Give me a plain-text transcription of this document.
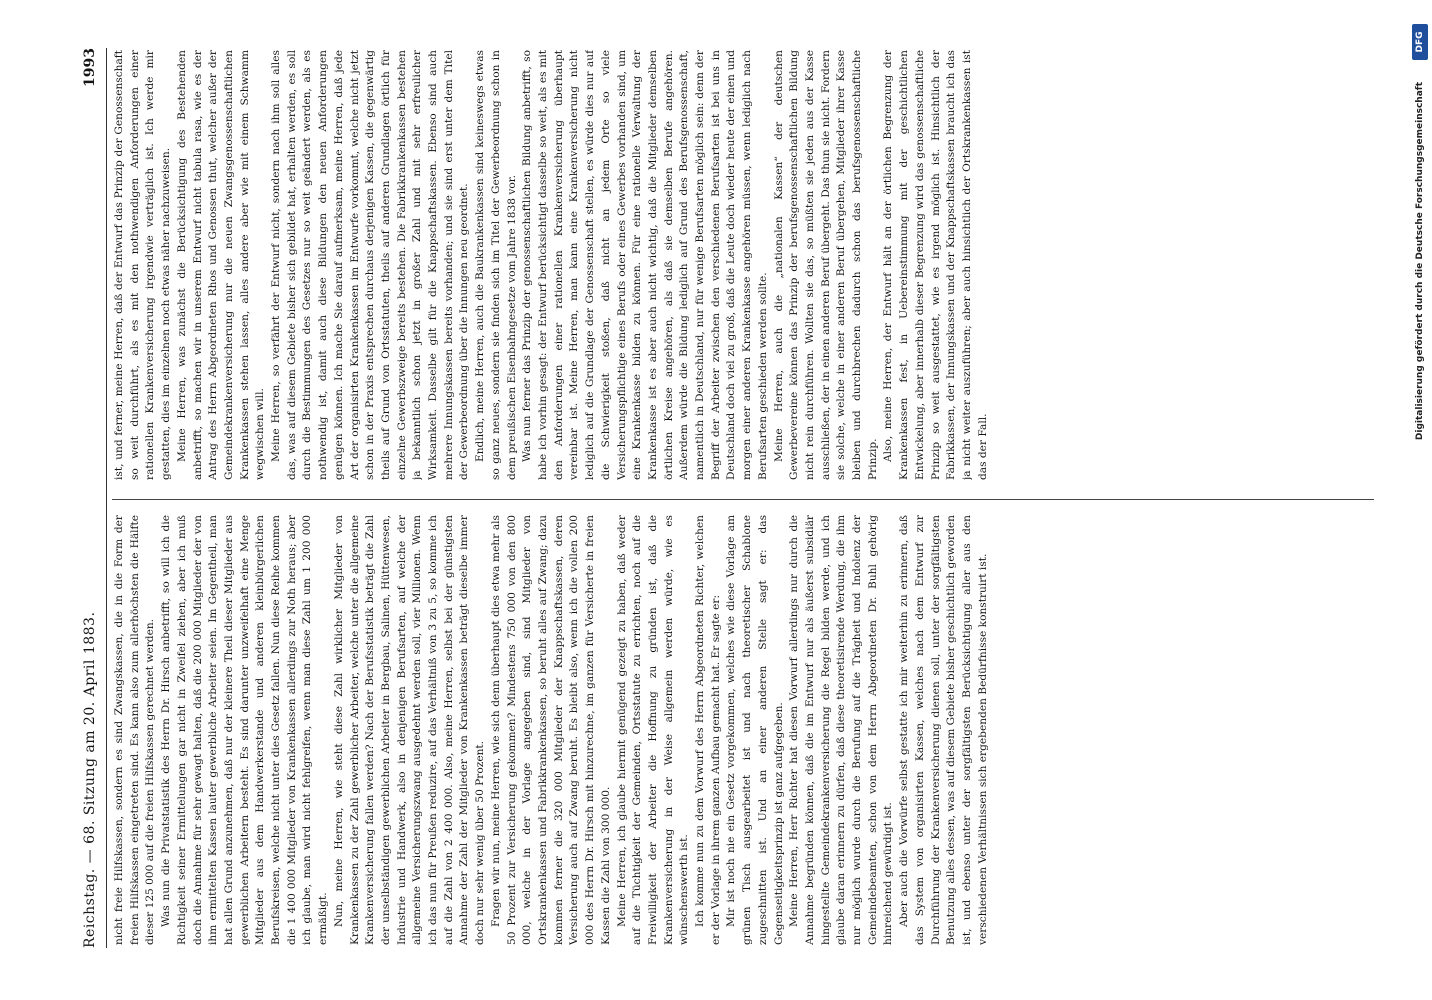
Reichstag. — 68. Sitzung am 20. April 1883.
1993

nicht freie Hilfskassen, sondern es sind Zwangskassen, die in die Form der freien Hilfskassen eingetreten sind. Es kann also zum allerhöchsten die Hälfte dieser 125 000 auf die freien Hilfskassen gerechnet werden. Was nun die Privatstatistik des Herrn Dr. Hirsch anbetrifft, so will ich die Richtigkeit seiner Ermittelungen gar nicht in Zweifel ziehen, aber ich muß doch die Annahme für sehr gewagt halten, daß die 200 000 Mitglieder der von ihm ermittelten Kassen lauter gewerbliche Arbeiter seien. Im Gegentheil, man hat allen Grund anzunehmen, daß nur der kleinere Theil dieser Mitglieder aus gewerblichen Arbeitern besteht. Es sind darunter unzweifelhaft eine Menge Mitglieder aus dem Handwerkerstande und anderen kleinbürgerlichen Berufskreisen, welche nicht unter dies Gesetz fallen. Nun diese Reihe kommen die 1 400 000 Mitglieder von Krankenkassen allerdings zur Noth heraus; aber ich glaube, man wird nicht fehlgreifen, wenn man diese Zahl um 1 200 000 ermäßigt. Nun, meine Herren, wie steht diese Zahl wirklicher Mitglieder von Krankenkassen zu der Zahl gewerblicher Arbeiter, welche unter die allgemeine Krankenversicherung fallen werden? Nach der Berufsstatistik beträgt die Zahl der unselbständigen gewerblichen Arbeiter in Bergbau, Salinen, Hüttenwesen, Industrie und Handwerk, also in denjenigen Berufsarten, auf welche der allgemeine Versicherungszwang ausgedehnt werden soll, vier Millionen. Wenn ich das nun für Preußen reduzire, auf das Verhältniß von 3 zu 5, so komme ich auf die Zahl von 2 400 000. Also, meine Herren, selbst bei der günstigsten Annahme der Zahl der Mitglieder von Krankenkassen beträgt dieselbe immer doch nur sehr wenig über 50 Prozent. Fragen wir nun, meine Herren, wie sich denn überhaupt dies etwa mehr als 50 Prozent zur Versicherung gekommen? Mindestens 750 000 von den 800 000, welche in der Vorlage angegeben sind, sind Mitglieder von Ortskrankenkassen und Fabrikkrankenkassen, so beruht alles auf Zwang; dazu kommen ferner die 320 000 Mitglieder der Knappschaftskassen, deren Versicherung auch auf Zwang beruht. Es bleibt also, wenn ich die vollen 200 000 des Herrn Dr. Hirsch mit hinzurechne, im ganzen für Versicherte in freien Kassen die Zahl von 300 000. Meine Herren, ich glaube hiermit genügend gezeigt zu haben, daß weder auf die Tüchtigkeit der Gemeinden, Ortsstatute zu errichten, noch auf die Freiwilligkeit der Arbeiter die Hoffnung zu gründen ist, daß die Krankenversicherung in der Weise allgemein werden würde, wie es wünschenswerth ist. Ich komme nun zu dem Vorwurf des Herrn Abgeordneten Richter, welchen er der Vorlage in ihrem ganzen Aufbau gemacht hat. Er sagte er: Mir ist noch nie ein Gesetz vorgekommen, welches wie diese Vorlage am grünen Tisch ausgearbeitet ist und nach theoretischer Schablone zugeschnitten ist. Und an einer anderen Stelle sagt er: das Gegenseitigkeitsprinzip ist ganz aufgegeben. Meine Herren, Herr Richter hat diesen Vorwurf allerdings nur durch die Annahme begründen können, daß die im Entwurf nur als äußerst subsidiär hingestellte Gemeindekrankenversicherung die Regel bilden werde, und ich glaube daran erinnern zu dürfen, daß diese theoretisirende Werdung, die ihm nur möglich wurde durch die Berufung auf die Trägheit und Indolenz der Gemeindebeamten, schon von dem Herrn Abgeordneten Dr. Buhl gehörig hinreichend gewürdigt ist. Aber auch die Vorwürfe selbst gestatte ich mir weiterhin zu erinnern, daß das System von organisirten Kassen, welches nach dem Entwurf zur Durchführung der Krankenversicherung dienen soll, unter der sorgfältigsten Benutzung alles dessen, was auf diesem Gebiete bisher geschichtlich geworden ist, und ebenso unter der sorgfältigsten Berücksichtigung aller aus den verschiedenen Verhältnissen sich ergebenden Bedürfnisse konstruirt ist.

ist, und ferner, meine Herren, daß der Entwurf das Prinzip der Genossenschaft so weit durchführt, als es mit den nothwendigen Anforderungen einer rationellen Krankenversicherung irgendwie verträglich ist. Ich werde mir gestatten, dies im einzelnen noch etwas näher nachzuweisen. Meine Herren, was zunächst die Berücksichtigung des Bestehenden anbetrifft, so machen wir in unserem Entwurf nicht tabula rasa, wie es der Antrag des Herrn Abgeordneten Rhos und Genossen thut, welcher außer der Gemeindekrankenversicherung nur die neuen Zwangsgenossenschaftlichen Krankenkassen stehen lassen, alles andere aber wie mit einem Schwamm wegwischen will. Meine Herren, so verfährt der Entwurf nicht, sondern nach ihm soll alles das, was auf diesem Gebiete bisher sich gebildet hat, erhalten werden, es soll durch die Bestimmungen des Gesetzes nur so weit geändert werden, als es nothwendig ist, damit auch diese Bildungen den neuen Anforderungen genügen können. Ich mache Sie darauf aufmerksam, meine Herren, daß jede Art der organisirten Krankenkassen im Entwurfe vorkommt, welche nicht jetzt schon in der Praxis entsprechen durchaus derjenigen Kassen, die gegenwärtig theils auf Grund von Ortsstatuten, theils auf anderen Grundlagen örtlich für einzelne Gewerbszweige bereits bestehen. Die Fabrikkrankenkassen bestehen ja bekanntlich schon jetzt in großer Zahl und mit sehr erfreulicher Wirksamkeit. Dasselbe gilt für die Knappschaftskassen. Ebenso sind auch mehrere Innungskassen bereits vorhanden; und sie sind erst unter dem Titel der Gewerbeordnung über die Innungen neu geordnet. Endlich, meine Herren, auch die Baukrankenkassen sind keineswegs etwas so ganz neues, sondern sie finden sich im Titel der Gewerbeordnung schon in dem preußischen Eisenbahngesetze vom Jahre 1838 vor. Was nun ferner das Prinzip der genossenschaftlichen Bildung anbetrifft, so habe ich vorhin gesagt: der Entwurf berücksichtigt dasselbe so weit, als es mit den Anforderungen einer rationellen Krankenversicherung überhaupt vereinbar ist. Meine Herren, man kann eine Krankenversicherung nicht lediglich auf die Grundlage der Genossenschaft stellen, es würde dies nur auf die Schwierigkeit stoßen, daß nicht an jedem Orte so viele Versicherungspflichtige eines Berufs oder eines Gewerbes vorhanden sind, um eine Krankenkasse bilden zu können. Für eine rationelle Verwaltung der Krankenkasse ist es aber auch nicht wichtig, daß die Mitglieder demselben örtlichen Kreise angehören, als daß sie demselben Berufe angehören. Außerdem würde die Bildung lediglich auf Grund des Berufsgenossenschaft, namentlich in Deutschland, nur für wenige Berufsarten möglich sein: denn der Begriff der Arbeiter zwischen den verschiedenen Berufsarten ist bei uns in Deutschland doch viel zu groß, daß die Leute doch wieder heute der einen und morgen einer anderen Krankenkasse angehören müssen, wenn lediglich nach Berufsarten geschieden werden sollte. Meine Herren, auch die „nationalen Kassen“ der deutschen Gewerbevereine können das Prinzip der berufsgenossenschaftlichen Bildung nicht rein durchführen. Wollten sie das, so müßten sie jeden aus der Kasse ausschließen, der in einen anderen Beruf übergeht. Das thun sie nicht. Fordern sie solche, welche in einer anderen Beruf übergehen, Mitglieder ihrer Kasse bleiben und durchbrechen dadurch schon das berufsgenossenschaftliche Prinzip. Also, meine Herren, der Entwurf hält an der örtlichen Begrenzung der Krankenkassen fest, in Uebereinstimmung mit der geschichtlichen Entwickelung, aber innerhalb dieser Begrenzung wird das genossenschaftliche Prinzip so weit ausgestattet, wie es irgend möglich ist. Hinsichtlich der Fabrikkassen, der Innungskassen und der Knappschaftskassen braucht ich das ja nicht weiter auszuführen; aber auch hinsichtlich der Ortskrankenkassen ist das der Fall.

DFG
Digitalisierung gefördert durch die Deutsche Forschungsgemeinschaft
